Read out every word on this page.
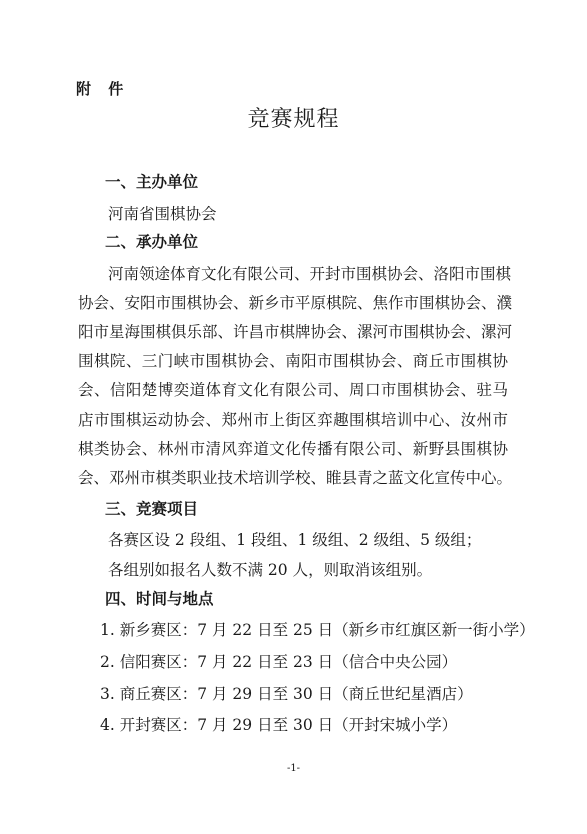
附 件
竞赛规程
一、主办单位
河南省围棋协会
二、承办单位
河南领途体育文化有限公司、开封市围棋协会、洛阳市围棋
协会、安阳市围棋协会、新乡市平原棋院、焦作市围棋协会、濮
阳市星海围棋俱乐部、许昌市棋牌协会、漯河市围棋协会、漯河
围棋院、三门峡市围棋协会、南阳市围棋协会、商丘市围棋协
会、信阳楚博奕道体育文化有限公司、周口市围棋协会、驻马
店市围棋运动协会、郑州市上街区弈趣围棋培训中心、汝州市
棋类协会、林州市清风弈道文化传播有限公司、新野县围棋协
会、邓州市棋类职业技术培训学校、睢县青之蓝文化宣传中心。
三、竞赛项目
各赛区设 2 段组、1 段组、1 级组、2 级组、5 级组；
各组别如报名人数不满 20 人，则取消该组别。
四、时间与地点
1. 新乡赛区：7 月 22 日至 25 日（新乡市红旗区新一街小学）
2. 信阳赛区：7 月 22 日至 23 日（信合中央公园）
3. 商丘赛区：7 月 29 日至 30 日（商丘世纪星酒店）
4. 开封赛区：7 月 29 日至 30 日（开封宋城小学）
-1-
